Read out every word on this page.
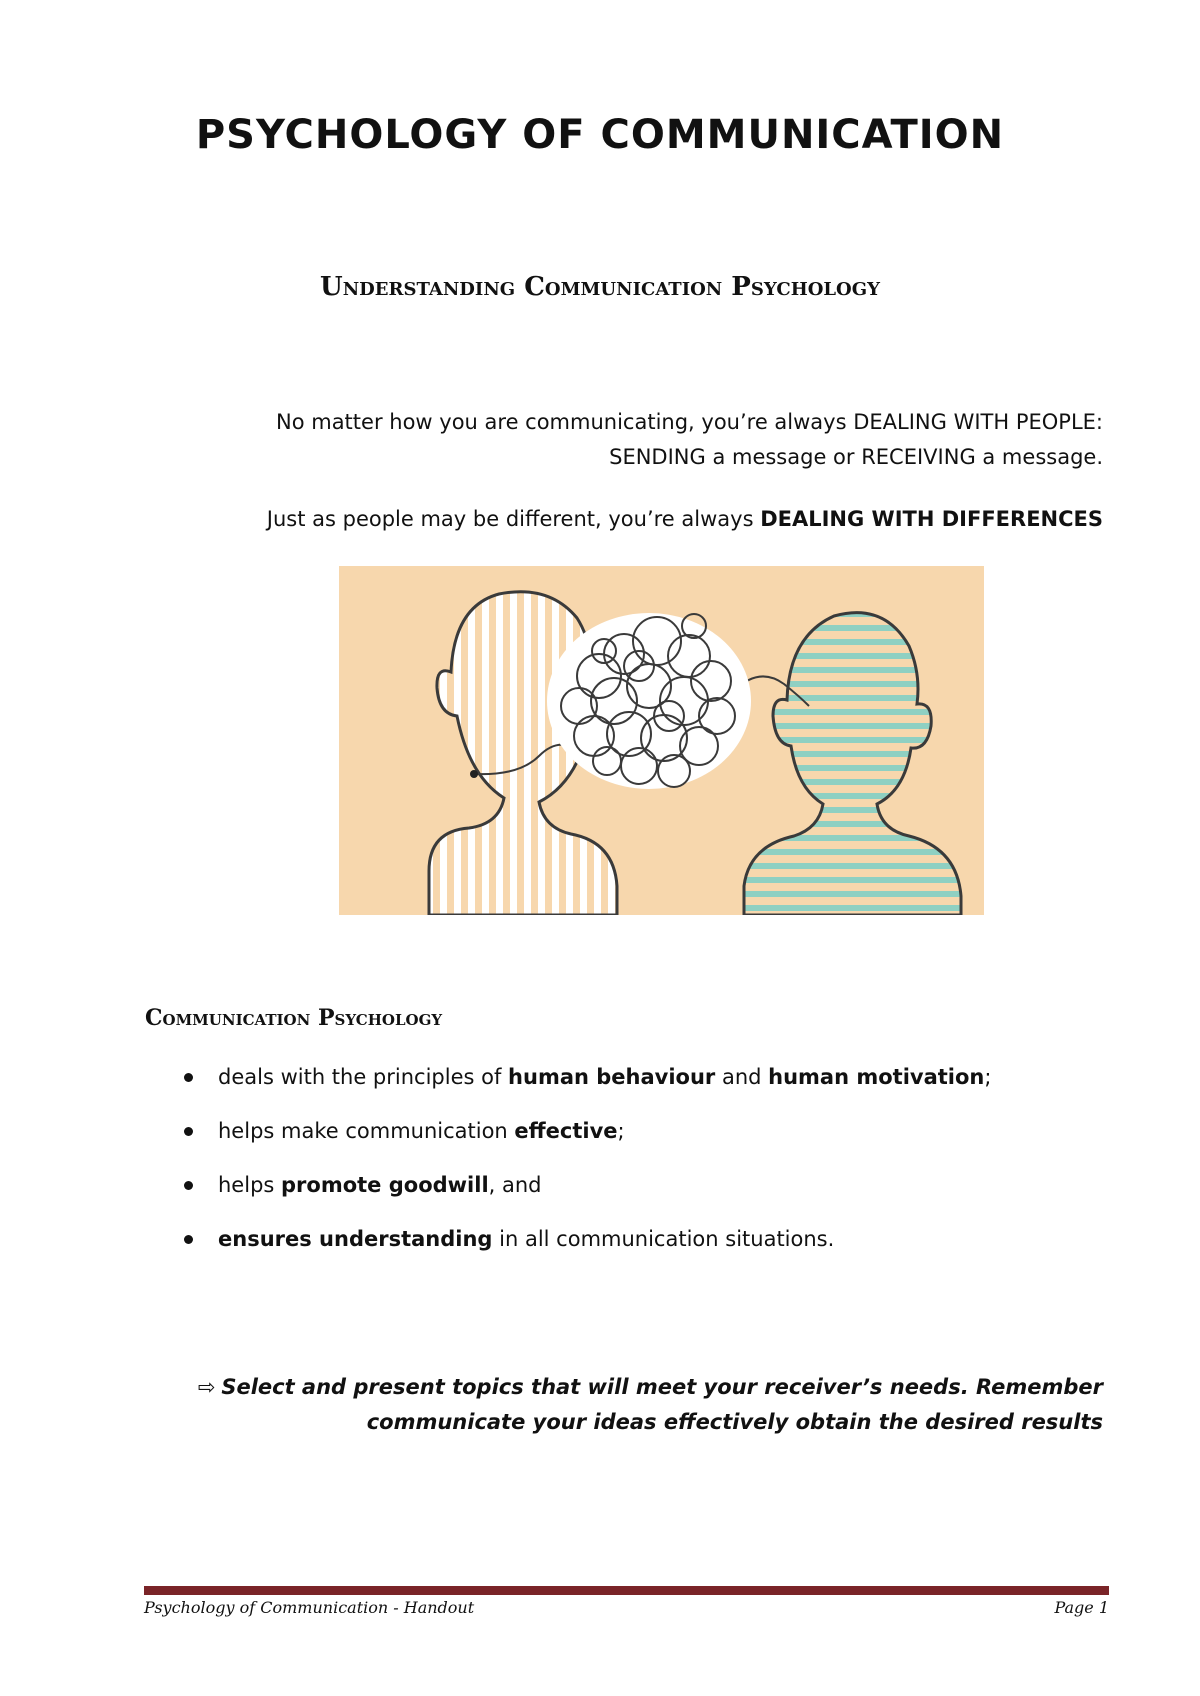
PSYCHOLOGY OF COMMUNICATION
Understanding Communication Psychology

No matter how you are communicating, you’re always DEALING WITH PEOPLE:
SENDING a message or RECEIVING a message.

Just as people may be different, you’re always DEALING WITH DIFFERENCES

Communication Psychology
deals with the principles of human behaviour and human motivation;
helps make communication effective;
helps promote goodwill, and
ensures understanding in all communication situations.

⇨ Select and present topics that will meet your receiver’s needs. Remember
communicate your ideas effectively obtain the desired results

Psychology of Communication - Handout	Page 1
